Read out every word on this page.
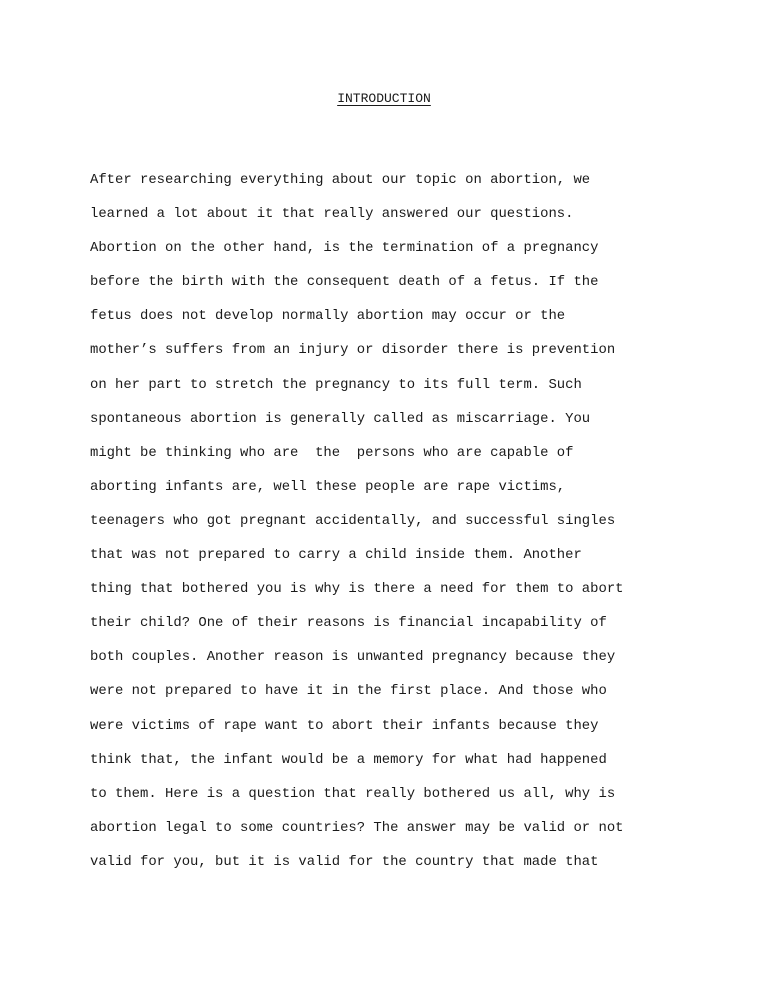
INTRODUCTION
After researching everything about our topic on abortion, we
learned a lot about it that really answered our questions.
Abortion on the other hand, is the termination of a pregnancy
before the birth with the consequent death of a fetus. If the
fetus does not develop normally abortion may occur or the
mother’s suffers from an injury or disorder there is prevention
on her part to stretch the pregnancy to its full term. Such
spontaneous abortion is generally called as miscarriage. You
might be thinking who are  the  persons who are capable of
aborting infants are, well these people are rape victims,
teenagers who got pregnant accidentally, and successful singles
that was not prepared to carry a child inside them. Another
thing that bothered you is why is there a need for them to abort
their child? One of their reasons is financial incapability of
both couples. Another reason is unwanted pregnancy because they
were not prepared to have it in the first place. And those who
were victims of rape want to abort their infants because they
think that, the infant would be a memory for what had happened
to them. Here is a question that really bothered us all, why is
abortion legal to some countries? The answer may be valid or not
valid for you, but it is valid for the country that made that
